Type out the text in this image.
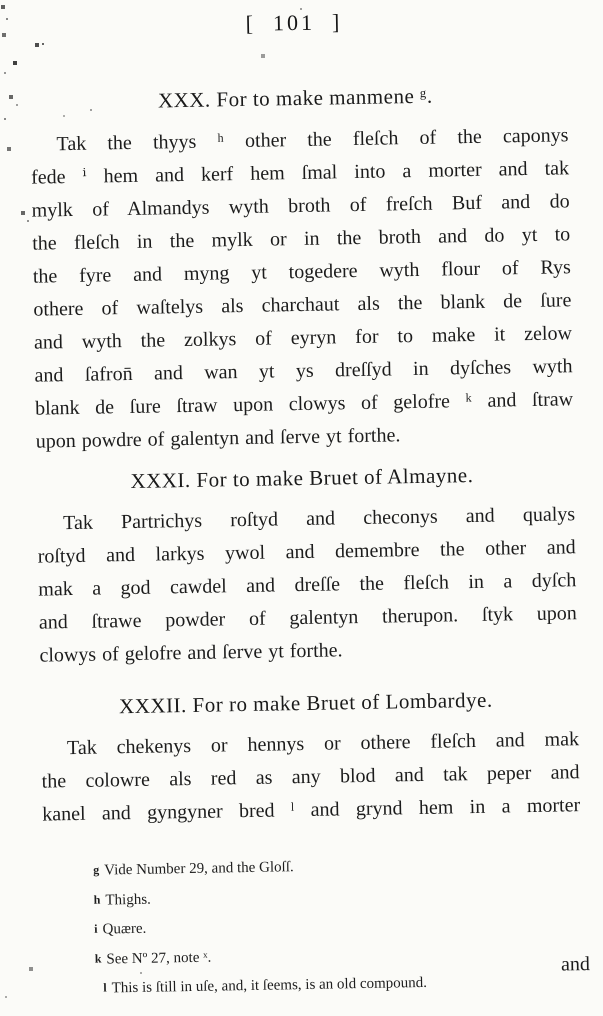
[  101  ]
XXX. For to make manmene ᵍ.
Tak the thyys ʰ other the fleſch of the caponys
fede ⁱ hem and kerf hem ſmal into a morter and tak
mylk of Almandys wyth broth of freſch Buf and do
the fleſch in the mylk or in the broth and do yt to
the fyre and myng yt togedere wyth flour of Rys
othere of waſtelys als charchaut als the blank de ſure
and wyth the zolkys of eyryn for to make it zelow
and ſafron̄ and wan yt ys dreſſyd in dyſches wyth
blank de ſure ſtraw upon clowys of gelofre ᵏ and ſtraw
upon powdre of galentyn and ſerve yt forthe.
XXXI. For to make Bruet of Almayne.
Tak Partrichys roſtyd and checonys and qualys
roſtyd and larkys ywol and demembre the other and
mak a god cawdel and dreſſe the fleſch in a dyſch
and ſtrawe powder of galentyn therupon. ſtyk upon
clowys of gelofre and ſerve yt forthe.
XXXII. For ro make Bruet of Lombardye.
Tak chekenys or hennys or othere fleſch and mak
the colowre als red as any blod and tak peper and
kanel and gyngyner bred ˡ and grynd hem in a morter
g Vide Number 29, and the Gloſſ.
h Thighs.
i Quære.
k See Nº 27, note ˣ.
l This is ſtill in uſe, and, it ſeems, is an old compound.
and
